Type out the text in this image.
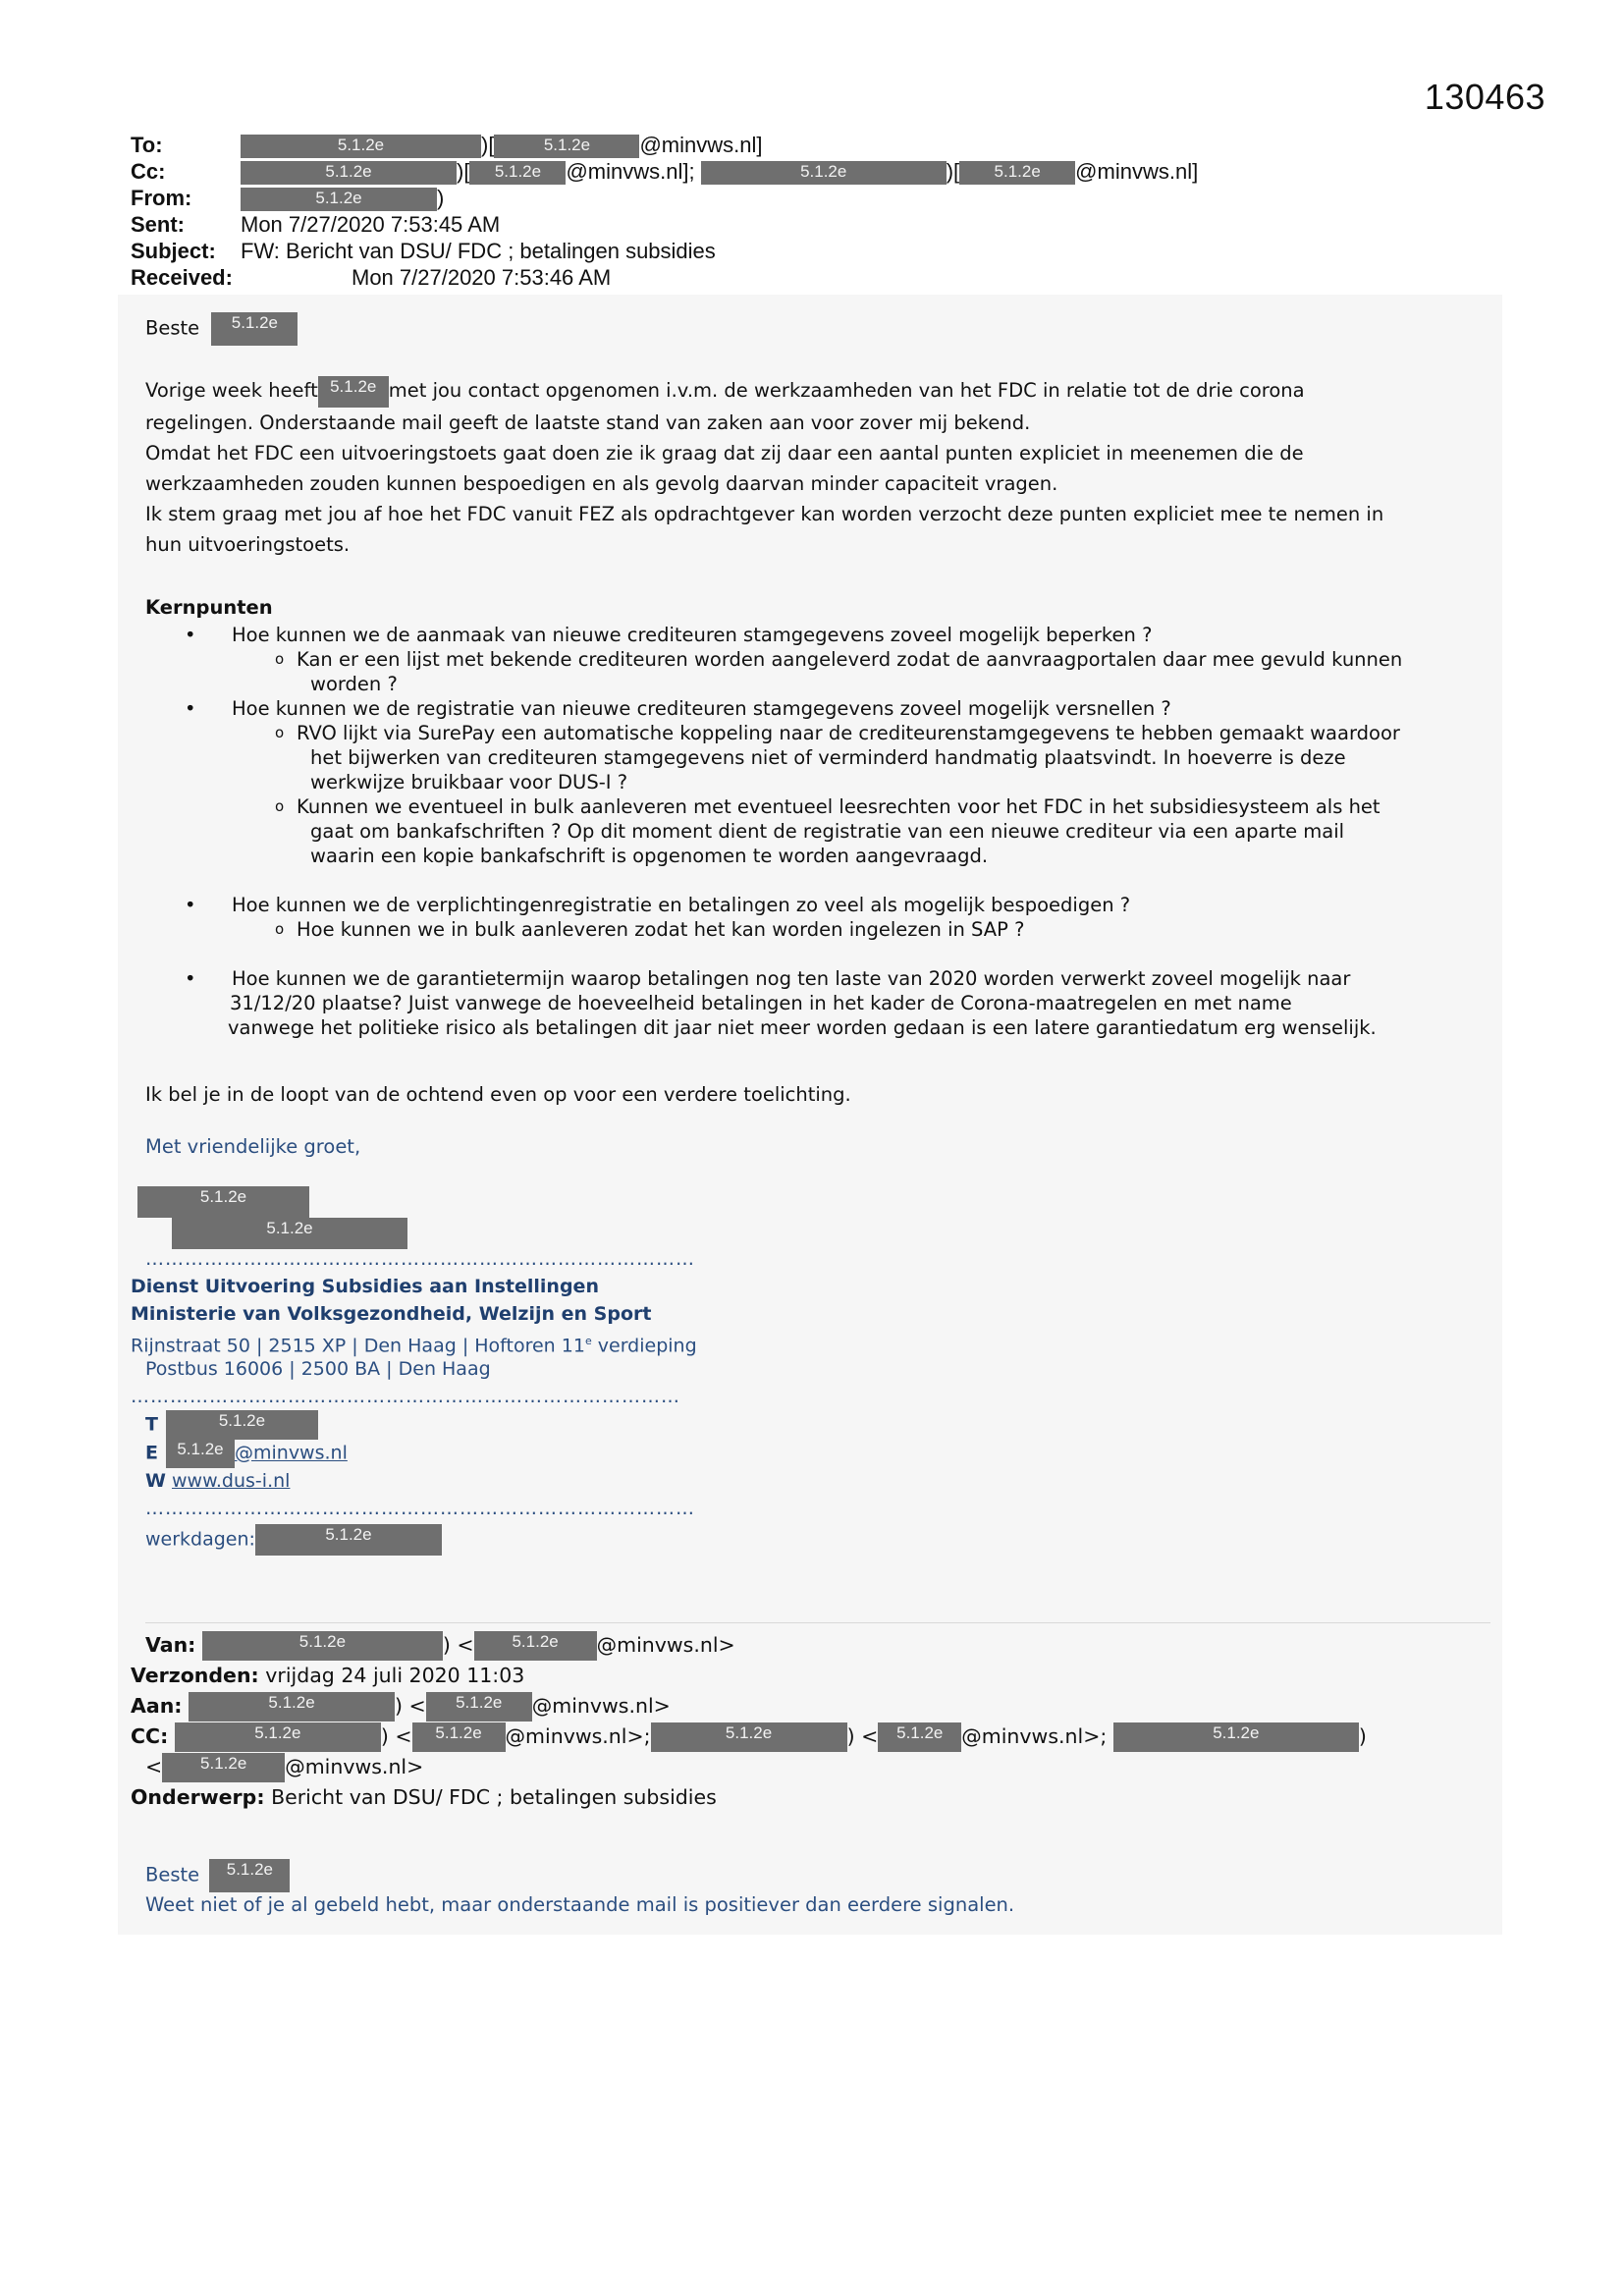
130463
To:	5.1.2e	)[	5.1.2e @minvws.nl]
Cc:	5.1.2e	)[ 5.1.2e @minvws.nl];	5.1.2e	)[ 5.1.2e @minvws.nl]
From:	5.1.2e	)
Sent:	Mon 7/27/2020 7:53:45 AM
Subject: FW: Bericht van DSU/ FDC ; betalingen subsidies
Received:	Mon 7/27/2020 7:53:46 AM
Beste 5.1.2e

Vorige week heeft 5.1.2e met jou contact opgenomen i.v.m. de werkzaamheden van het FDC in relatie tot de drie corona

regelingen. Onderstaande mail geeft de laatste stand van zaken aan voor zover mij bekend.

Omdat het FDC een uitvoeringstoets gaat doen zie ik graag dat zij daar een aantal punten expliciet in meenemen die de

werkzaamheden zouden kunnen bespoedigen en als gevolg daarvan minder capaciteit vragen.

Ik stem graag met jou af hoe het FDC vanuit FEZ als opdrachtgever kan worden verzocht deze punten expliciet mee te nemen in

hun uitvoeringstoets.

Kernpunten

• Hoe kunnen we de aanmaak van nieuwe crediteuren stamgegevens zoveel mogelijk beperken ?
o Kan er een lijst met bekende crediteuren worden aangeleverd zodat de aanvraagportalen daar mee gevuld kunnen
worden ?
• Hoe kunnen we de registratie van nieuwe crediteuren stamgegevens zoveel mogelijk versnellen ?
o RVO lijkt via SurePay een automatische koppeling naar de crediteurenstamgegevens te hebben gemaakt waardoor
het bijwerken van crediteuren stamgegevens niet of verminderd handmatig plaatsvindt. In hoeverre is deze
werkwijze bruikbaar voor DUS-I ?
o Kunnen we eventueel in bulk aanleveren met eventueel leesrechten voor het FDC in het subsidiesysteem als het
gaat om bankafschriften ? Op dit moment dient de registratie van een nieuwe crediteur via een aparte mail
waarin een kopie bankafschrift is opgenomen te worden aangevraagd.
• Hoe kunnen we de verplichtingenregistratie en betalingen zo veel als mogelijk bespoedigen ?
o Hoe kunnen we in bulk aanleveren zodat het kan worden ingelezen in SAP ?
• Hoe kunnen we de garantietermijn waarop betalingen nog ten laste van 2020 worden verwerkt zoveel mogelijk naar
31/12/20 plaatse? Juist vanwege de hoeveelheid betalingen in het kader de Corona-maatregelen en met name
vanwege het politieke risico als betalingen dit jaar niet meer worden gedaan is een latere garantiedatum erg wenselijk.
Ik bel je in de loopt van de ochtend even op voor een verdere toelichting.
Met vriendelijke groet,
5.1.2e
5.1.2e
…………………………………………………………………………
Dienst Uitvoering Subsidies aan Instellingen
Ministerie van Volksgezondheid, Welzijn en Sport
Rijnstraat 50 | 2515 XP | Den Haag | Hoftoren 11e verdieping
Postbus 16006 | 2500 BA | Den Haag
…………………………………………………………………………
T	5.1.2e
E 5.1.2e @minvws.nl
W www.dus-i.nl
…………………………………………………………………………
werkdagen:	5.1.2e
Van:	5.1.2e	) < 5.1.2e @minvws.nl>
Verzonden: vrijdag 24 juli 2020 11:03
Aan:	5.1.2e	) < 5.1.2e @minvws.nl>
CC:	5.1.2e	) < 5.1.2e @minvws.nl>;	5.1.2e	) < 5.1.2e @minvws.nl>;	5.1.2e	)
< 5.1.2e @minvws.nl>
Onderwerp: Bericht van DSU/ FDC ; betalingen subsidies
Beste 5.1.2e
Weet niet of je al gebeld hebt, maar onderstaande mail is positiever dan eerdere signalen.
